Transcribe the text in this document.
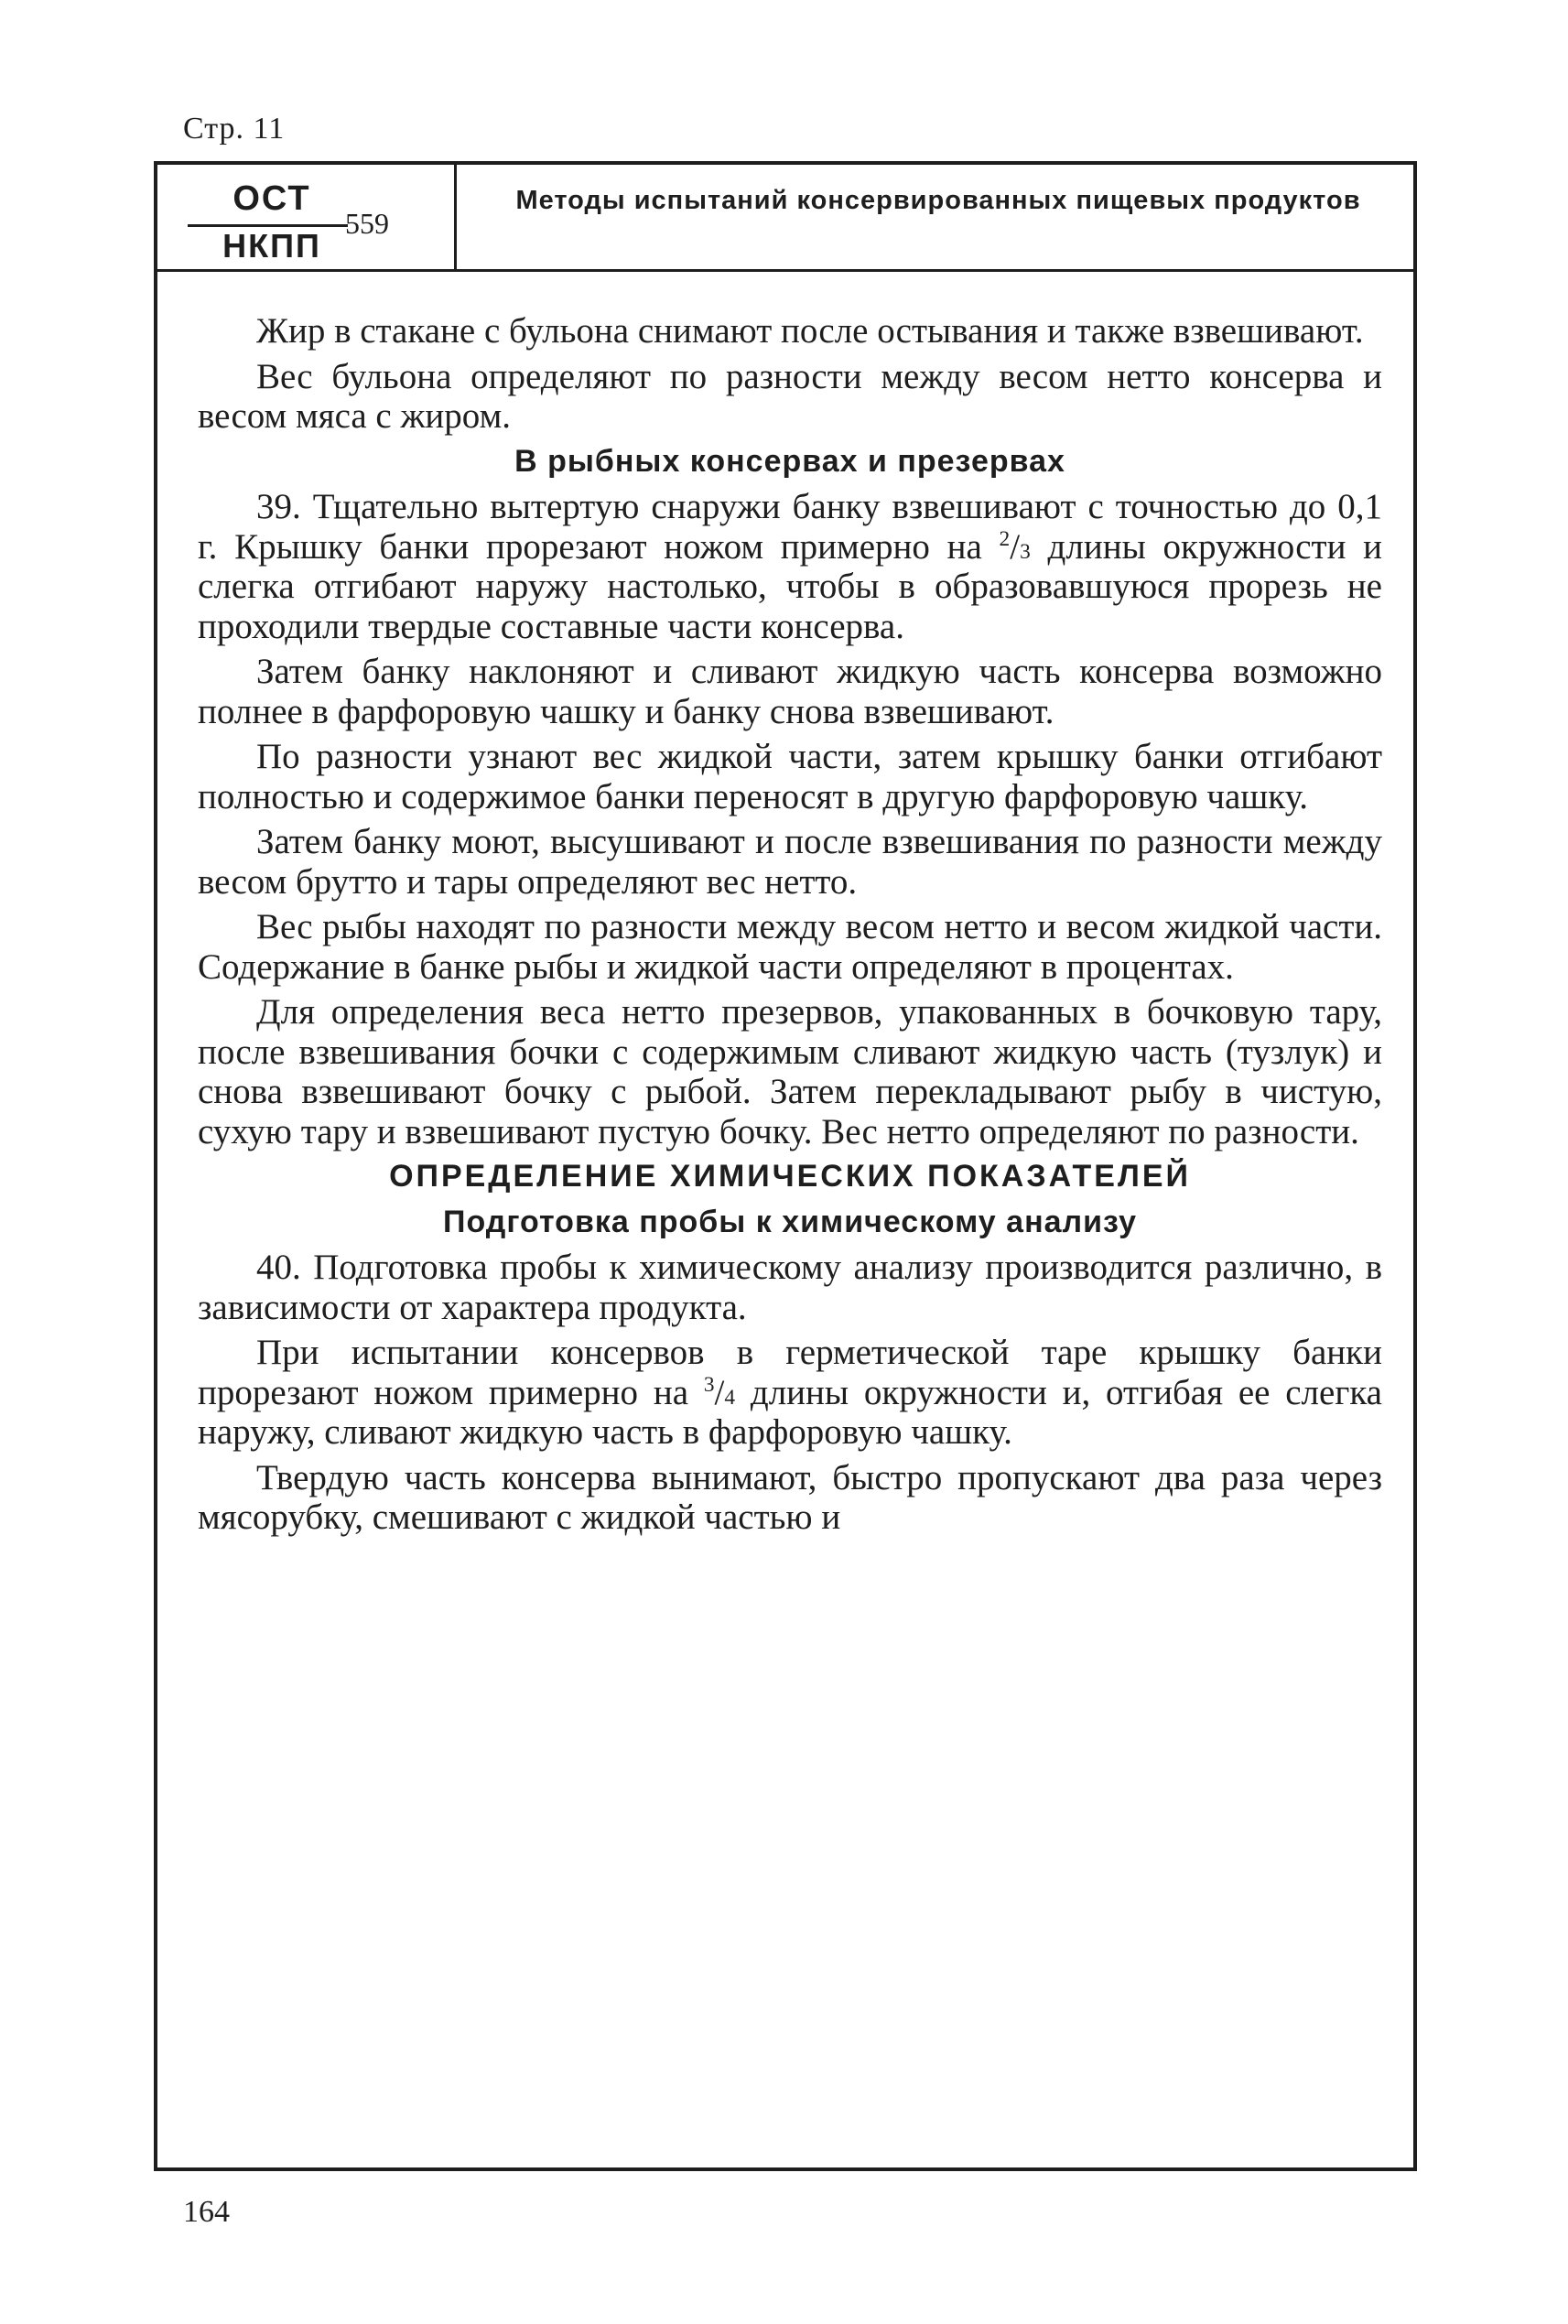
Стр. 11
ОСТ
НКПП
559
Методы испытаний консервированных пищевых продуктов

Жир в стакане с бульона снимают после остывания и также взвешивают.

Вес бульона определяют по разности между весом нетто консерва и весом мяса с жиром.

В рыбных консервах и презервах

39. Тщательно вытертую снаружи банку взвешивают с точностью до 0,1 г. Крышку банки прорезают ножом примерно на $^2$/3 длины окружности и слегка отгибают наружу настолько, чтобы в образовавшуюся прорезь не проходили твердые составные части консерва.

Затем банку наклоняют и сливают жидкую часть консерва возможно полнее в фарфоровую чашку и банку снова взвешивают.

По разности узнают вес жидкой части, затем крышку банки отгибают полностью и содержимое банки переносят в другую фарфоровую чашку.

Затем банку моют, высушивают и после взвешивания по разности между весом брутто и тары определяют вес нетто.

Вес рыбы находят по разности между весом нетто и весом жидкой части. Содержание в банке рыбы и жидкой части определяют в процентах.

Для определения веса нетто презервов, упакованных в бочковую тару, после взвешивания бочки с содержимым сливают жидкую часть (тузлук) и снова взвешивают бочку с рыбой. Затем перекладывают рыбу в чистую, сухую тару и взвешивают пустую бочку. Вес нетто определяют по разности.

ОПРЕДЕЛЕНИЕ ХИМИЧЕСКИХ ПОКАЗАТЕЛЕЙ

Подготовка пробы к химическому анализу

40. Подготовка пробы к химическому анализу производится различно, в зависимости от характера продукта.

При испытании консервов в герметической таре крышку банки прорезают ножом примерно на $^3$/4 длины окружности и, отгибая ее слегка наружу, сливают жидкую часть в фарфоровую чашку.

Твердую часть консерва вынимают, быстро пропускают два раза через мясорубку, смешивают с жидкой частью и

164
